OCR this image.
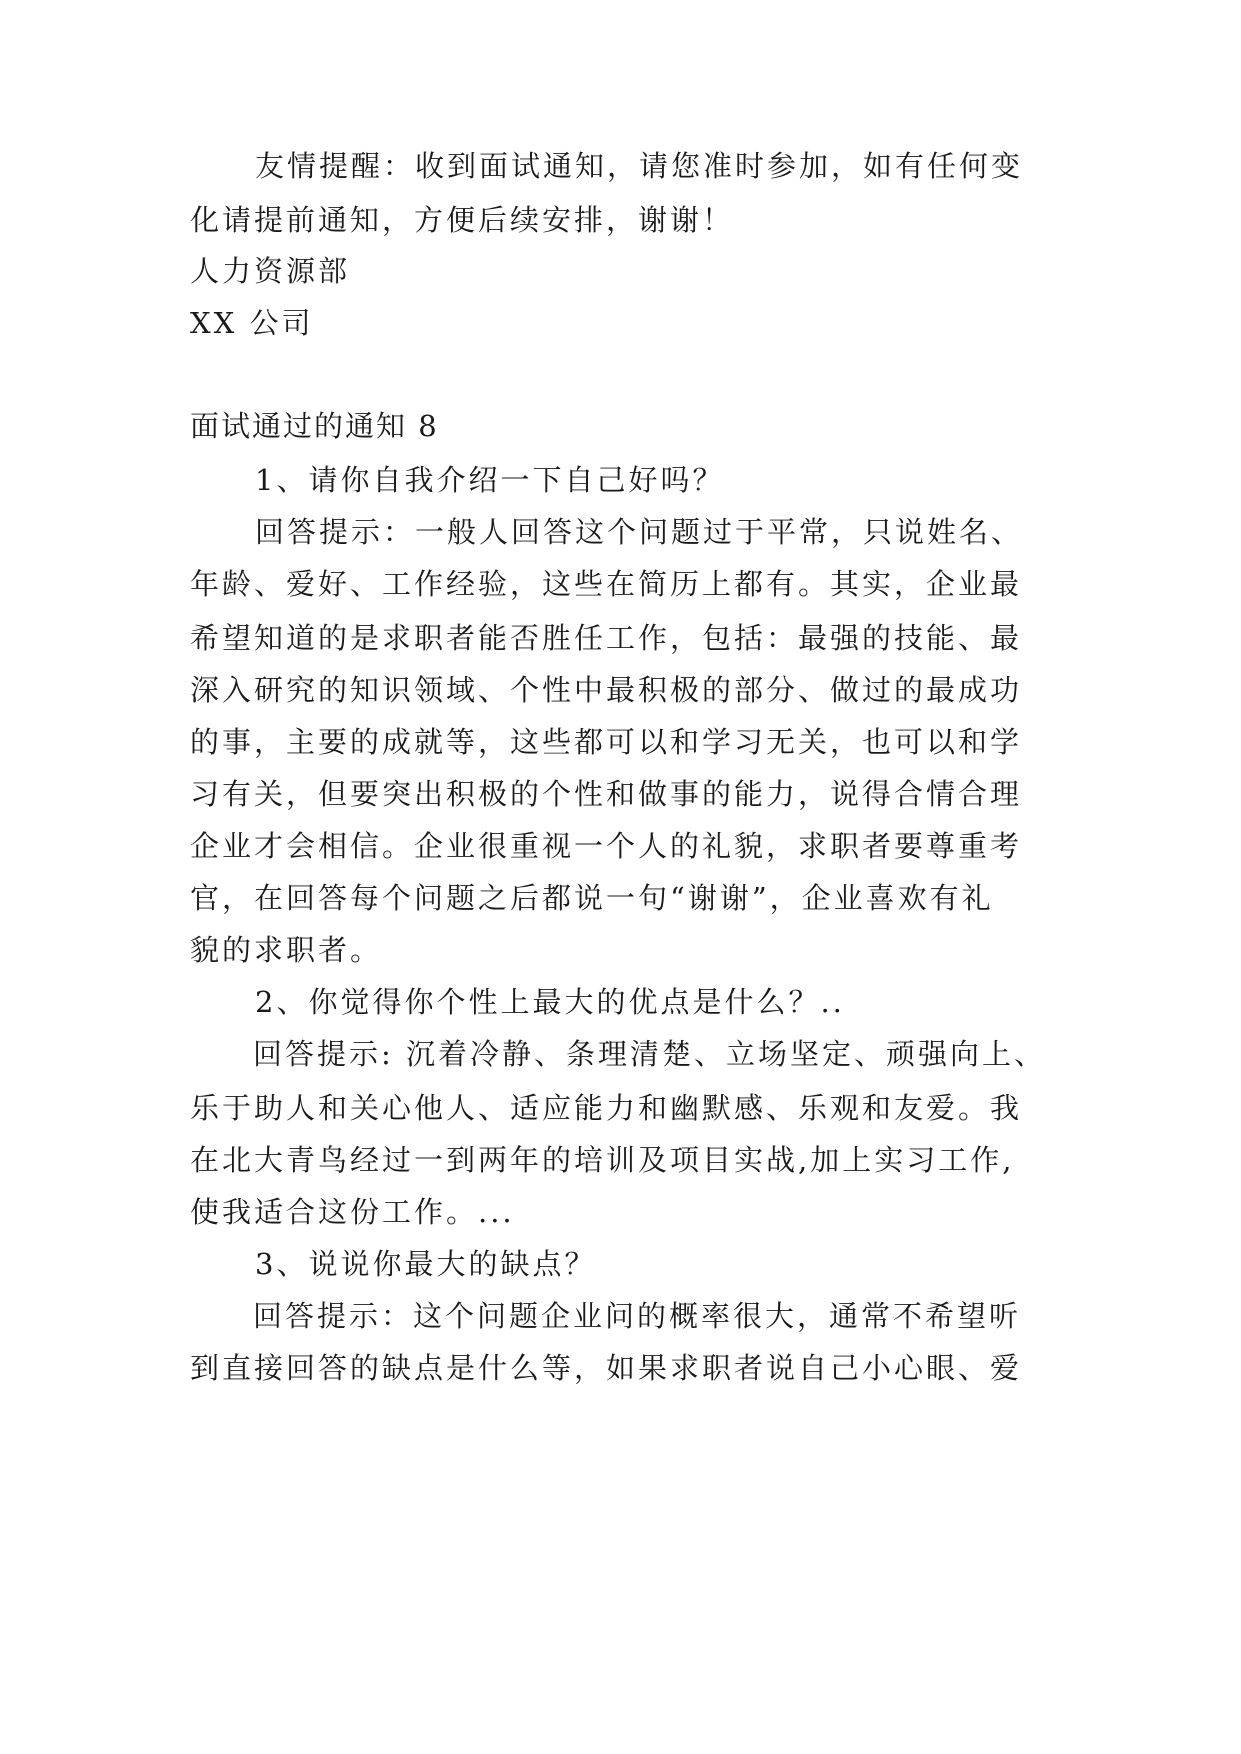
友情提醒：收到面试通知，请您准时参加，如有任何变
化请提前通知，方便后续安排，谢谢！
人力资源部
XX 公司
面试通过的通知 8
1、请你自我介绍一下自己好吗？
回答提示：一般人回答这个问题过于平常，只说姓名、
年龄、爱好、工作经验，这些在简历上都有。其实，企业最
希望知道的是求职者能否胜任工作，包括：最强的技能、最
深入研究的知识领域、个性中最积极的部分、做过的最成功
的事，主要的成就等，这些都可以和学习无关，也可以和学
习有关，但要突出积极的个性和做事的能力，说得合情合理
企业才会相信。企业很重视一个人的礼貌，求职者要尊重考
官，在回答每个问题之后都说一句“谢谢”，企业喜欢有礼
貌的求职者。
2、你觉得你个性上最大的优点是什么？..
回答提示: 沉着冷静、条理清楚、立场坚定、顽强向上、
乐于助人和关心他人、适应能力和幽默感、乐观和友爱。我
在北大青鸟经过一到两年的培训及项目实战,加上实习工作,
使我适合这份工作。...
3、说说你最大的缺点？
回答提示：这个问题企业问的概率很大，通常不希望听
到直接回答的缺点是什么等，如果求职者说自己小心眼、爱
